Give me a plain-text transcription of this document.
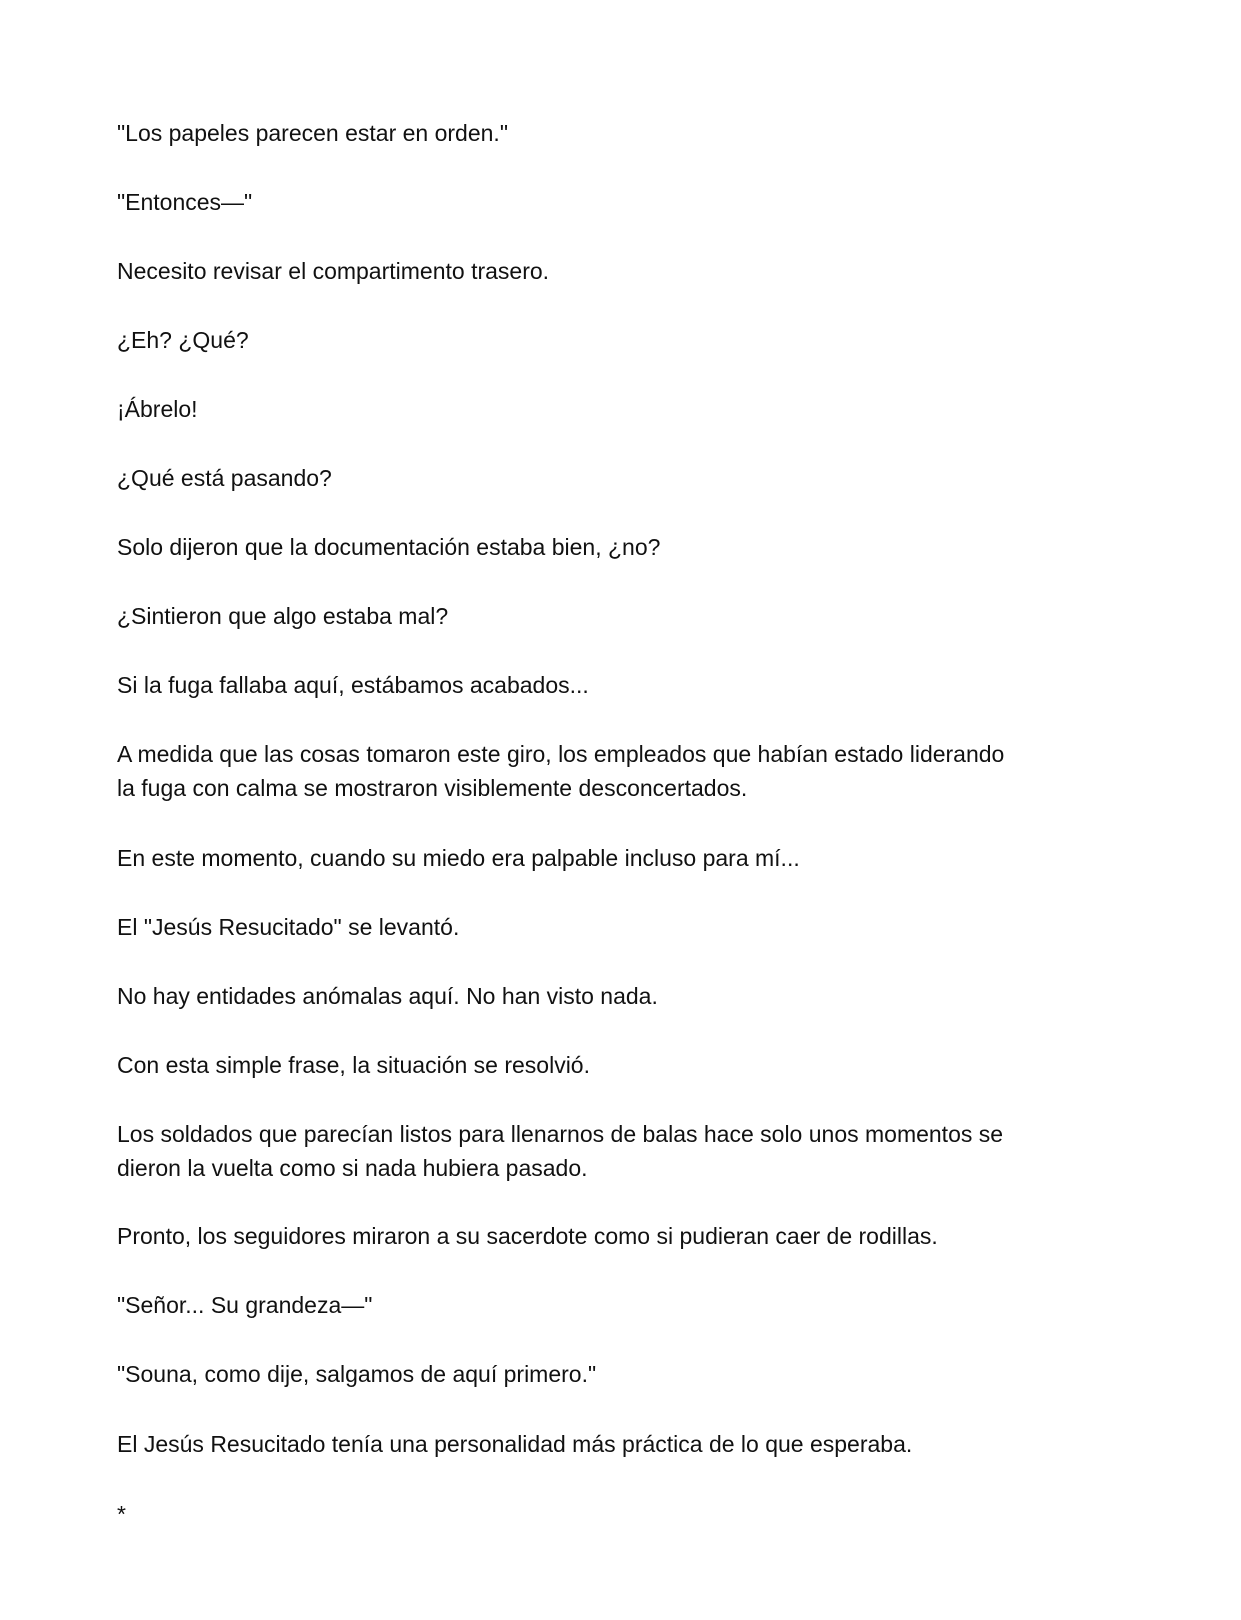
"Los papeles parecen estar en orden."

"Entonces—"

Necesito revisar el compartimento trasero.

¿Eh? ¿Qué?

¡Ábrelo!

¿Qué está pasando?

Solo dijeron que la documentación estaba bien, ¿no?

¿Sintieron que algo estaba mal?

Si la fuga fallaba aquí, estábamos acabados...

A medida que las cosas tomaron este giro, los empleados que habían estado liderando

la fuga con calma se mostraron visiblemente desconcertados.

En este momento, cuando su miedo era palpable incluso para mí...

El "Jesús Resucitado" se levantó.

No hay entidades anómalas aquí. No han visto nada.

Con esta simple frase, la situación se resolvió.

Los soldados que parecían listos para llenarnos de balas hace solo unos momentos se

dieron la vuelta como si nada hubiera pasado.

Pronto, los seguidores miraron a su sacerdote como si pudieran caer de rodillas.

"Señor... Su grandeza—"

"Souna, como dije, salgamos de aquí primero."

El Jesús Resucitado tenía una personalidad más práctica de lo que esperaba.

*
